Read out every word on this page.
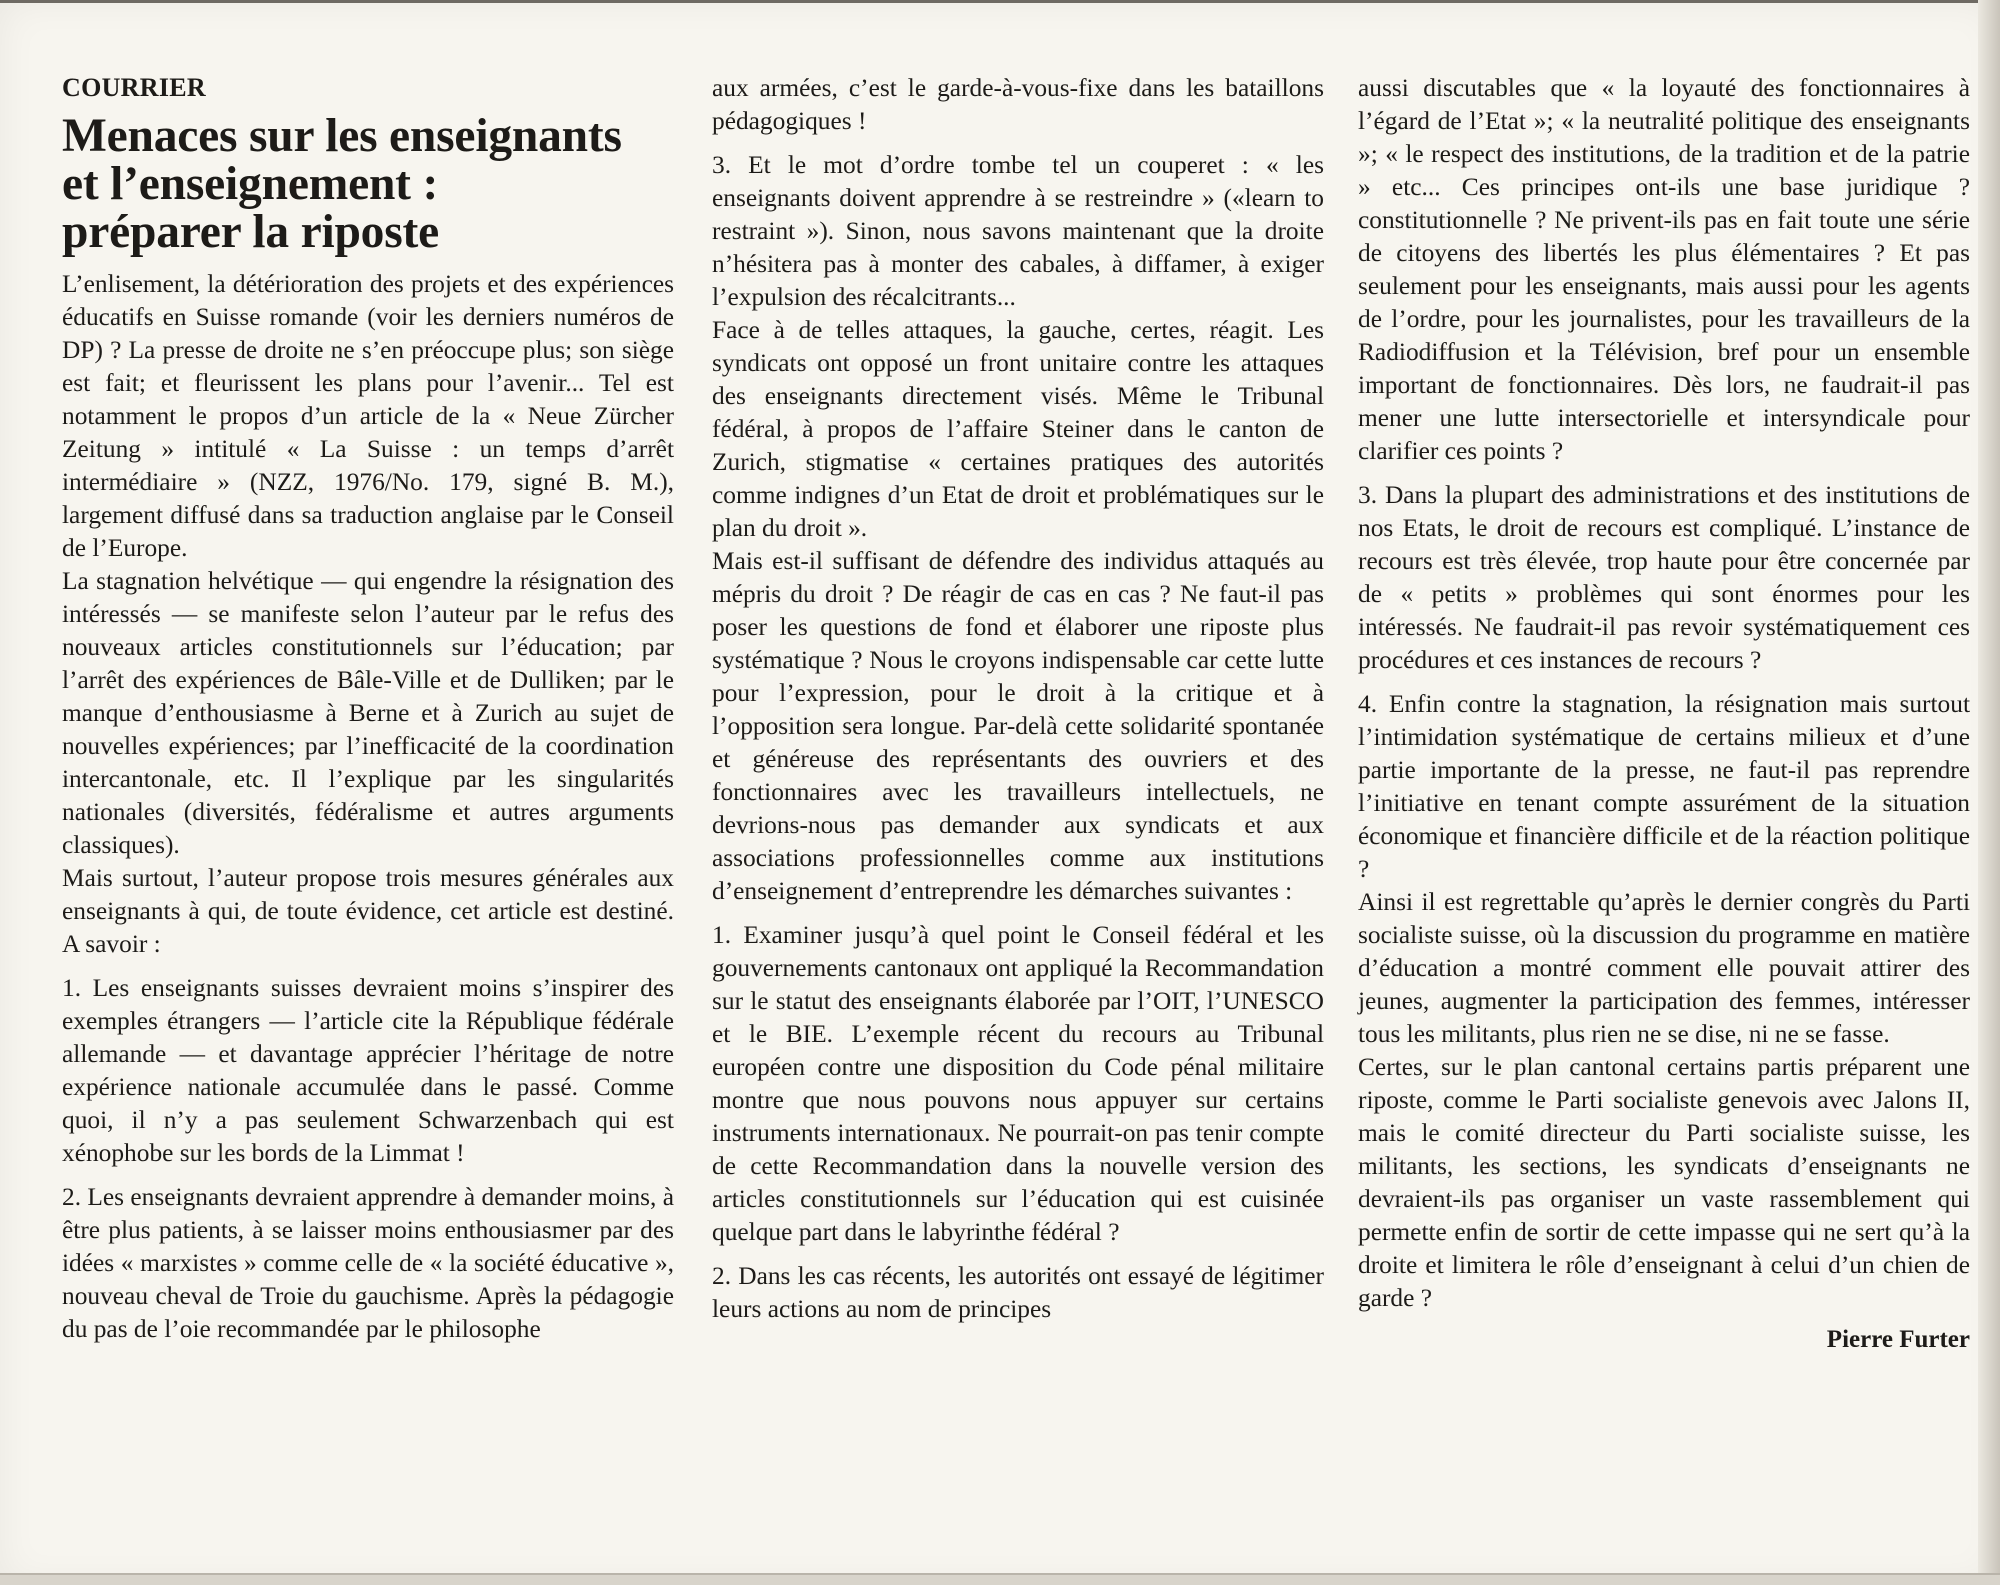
COURRIER
Menaces sur les enseignants
et l’enseignement :
préparer la riposte

L’enlisement, la détérioration des projets et des expériences éducatifs en Suisse romande (voir les derniers numéros de DP) ? La presse de droite ne s’en préoccupe plus; son siège est fait; et fleurissent les plans pour l’avenir... Tel est notamment le propos d’un article de la « Neue Zürcher Zeitung » intitulé « La Suisse : un temps d’arrêt intermédiaire » (NZZ, 1976/No. 179, signé B. M.), largement diffusé dans sa traduction anglaise par le Conseil de l’Europe.

La stagnation helvétique — qui engendre la résignation des intéressés — se manifeste selon l’auteur par le refus des nouveaux articles constitutionnels sur l’éducation; par l’arrêt des expériences de Bâle-Ville et de Dulliken; par le manque d’enthousiasme à Berne et à Zurich au sujet de nouvelles expériences; par l’inefficacité de la coordination intercantonale, etc. Il l’explique par les singularités nationales (diversités, fédéralisme et autres arguments classiques).

Mais surtout, l’auteur propose trois mesures générales aux enseignants à qui, de toute évidence, cet article est destiné. A savoir :

1. Les enseignants suisses devraient moins s’inspirer des exemples étrangers — l’article cite la République fédérale allemande — et davantage apprécier l’héritage de notre expérience nationale accumulée dans le passé. Comme quoi, il n’y a pas seulement Schwarzenbach qui est xénophobe sur les bords de la Limmat !

2. Les enseignants devraient apprendre à demander moins, à être plus patients, à se laisser moins enthousiasmer par des idées « marxistes » comme celle de « la société éducative », nouveau cheval de Troie du gauchisme. Après la pédagogie du pas de l’oie recommandée par le philosophe

aux armées, c’est le garde-à-vous-fixe dans les bataillons pédagogiques !

3. Et le mot d’ordre tombe tel un couperet : « les enseignants doivent apprendre à se restreindre » («learn to restraint »). Sinon, nous savons maintenant que la droite n’hésitera pas à monter des cabales, à diffamer, à exiger l’expulsion des récalcitrants...

Face à de telles attaques, la gauche, certes, réagit. Les syndicats ont opposé un front unitaire contre les attaques des enseignants directement visés. Même le Tribunal fédéral, à propos de l’affaire Steiner dans le canton de Zurich, stigmatise « certaines pratiques des autorités comme indignes d’un Etat de droit et problématiques sur le plan du droit ».

Mais est-il suffisant de défendre des individus attaqués au mépris du droit ? De réagir de cas en cas ? Ne faut-il pas poser les questions de fond et élaborer une riposte plus systématique ? Nous le croyons indispensable car cette lutte pour l’expression, pour le droit à la critique et à l’opposition sera longue. Par-delà cette solidarité spontanée et généreuse des représentants des ouvriers et des fonctionnaires avec les travailleurs intellectuels, ne devrions-nous pas demander aux syndicats et aux associations professionnelles comme aux institutions d’enseignement d’entreprendre les démarches suivantes :

1. Examiner jusqu’à quel point le Conseil fédéral et les gouvernements cantonaux ont appliqué la Recommandation sur le statut des enseignants élaborée par l’OIT, l’UNESCO et le BIE. L’exemple récent du recours au Tribunal européen contre une disposition du Code pénal militaire montre que nous pouvons nous appuyer sur certains instruments internationaux. Ne pourrait-on pas tenir compte de cette Recommandation dans la nouvelle version des articles constitutionnels sur l’éducation qui est cuisinée quelque part dans le labyrinthe fédéral ?

2. Dans les cas récents, les autorités ont essayé de légitimer leurs actions au nom de principes

aussi discutables que « la loyauté des fonctionnaires à l’égard de l’Etat »; « la neutralité politique des enseignants »; « le respect des institutions, de la tradition et de la patrie » etc... Ces principes ont-ils une base juridique ? constitutionnelle ? Ne privent-ils pas en fait toute une série de citoyens des libertés les plus élémentaires ? Et pas seulement pour les enseignants, mais aussi pour les agents de l’ordre, pour les journalistes, pour les travailleurs de la Radiodiffusion et la Télévision, bref pour un ensemble important de fonctionnaires. Dès lors, ne faudrait-il pas mener une lutte intersectorielle et intersyndicale pour clarifier ces points ?

3. Dans la plupart des administrations et des institutions de nos Etats, le droit de recours est compliqué. L’instance de recours est très élevée, trop haute pour être concernée par de « petits » problèmes qui sont énormes pour les intéressés. Ne faudrait-il pas revoir systématiquement ces procédures et ces instances de recours ?

4. Enfin contre la stagnation, la résignation mais surtout l’intimidation systématique de certains milieux et d’une partie importante de la presse, ne faut-il pas reprendre l’initiative en tenant compte assurément de la situation économique et financière difficile et de la réaction politique ?

Ainsi il est regrettable qu’après le dernier congrès du Parti socialiste suisse, où la discussion du programme en matière d’éducation a montré comment elle pouvait attirer des jeunes, augmenter la participation des femmes, intéresser tous les militants, plus rien ne se dise, ni ne se fasse.

Certes, sur le plan cantonal certains partis préparent une riposte, comme le Parti socialiste genevois avec Jalons II, mais le comité directeur du Parti socialiste suisse, les militants, les sections, les syndicats d’enseignants ne devraient-ils pas organiser un vaste rassemblement qui permette enfin de sortir de cette impasse qui ne sert qu’à la droite et limitera le rôle d’enseignant à celui d’un chien de garde ?

Pierre Furter
